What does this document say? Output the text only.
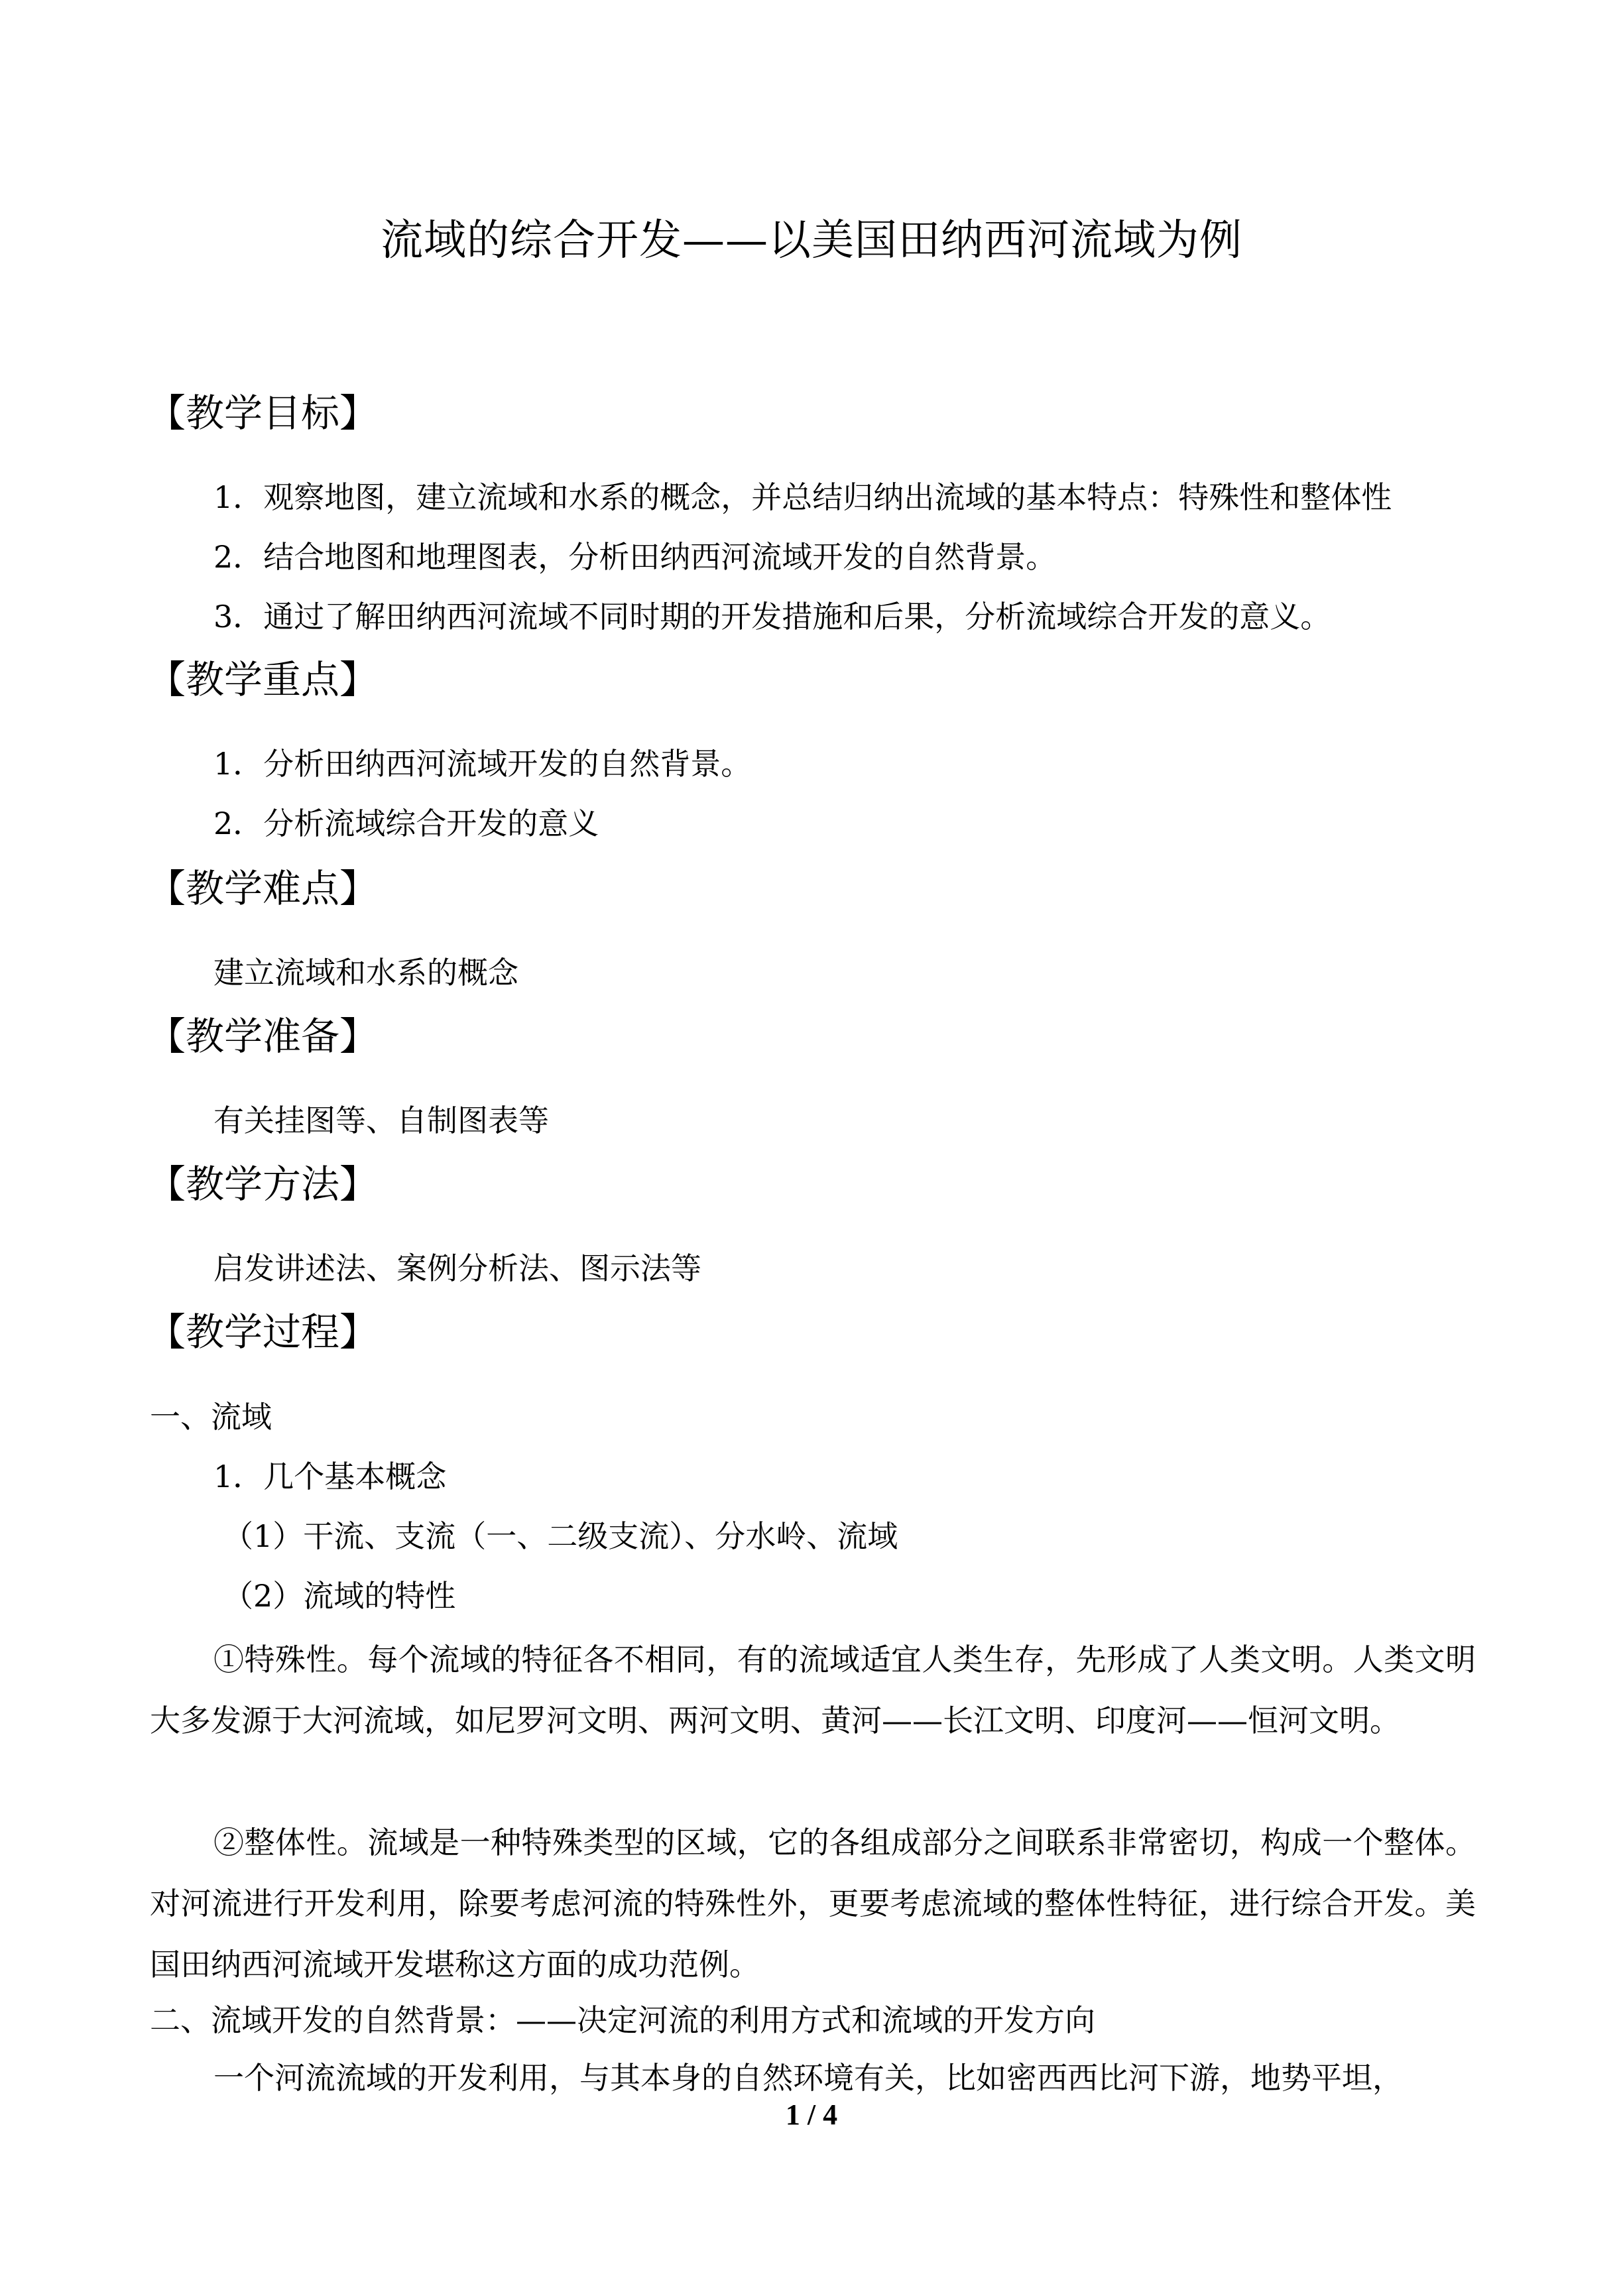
流域的综合开发——以美国田纳西河流域为例
【教学目标】
1．观察地图，建立流域和水系的概念，并总结归纳出流域的基本特点：特殊性和整体性
2．结合地图和地理图表，分析田纳西河流域开发的自然背景。
3．通过了解田纳西河流域不同时期的开发措施和后果，分析流域综合开发的意义。
【教学重点】
1．分析田纳西河流域开发的自然背景。
2．分析流域综合开发的意义
【教学难点】
建立流域和水系的概念
【教学准备】
有关挂图等、自制图表等
【教学方法】
启发讲述法、案例分析法、图示法等
【教学过程】
一、流域
1．几个基本概念
（1）干流、支流（一、二级支流）、分水岭、流域
（2）流域的特性
①特殊性。每个流域的特征各不相同，有的流域适宜人类生存，先形成了人类文明。人类文明大多发源于大河流域，如尼罗河文明、两河文明、黄河——长江文明、印度河——恒河文明。
②整体性。流域是一种特殊类型的区域，它的各组成部分之间联系非常密切，构成一个整体。对河流进行开发利用，除要考虑河流的特殊性外，更要考虑流域的整体性特征，进行综合开发。美国田纳西河流域开发堪称这方面的成功范例。
二、流域开发的自然背景：——决定河流的利用方式和流域的开发方向
一个河流流域的开发利用，与其本身的自然环境有关，比如密西西比河下游，地势平坦，
1 / 4
